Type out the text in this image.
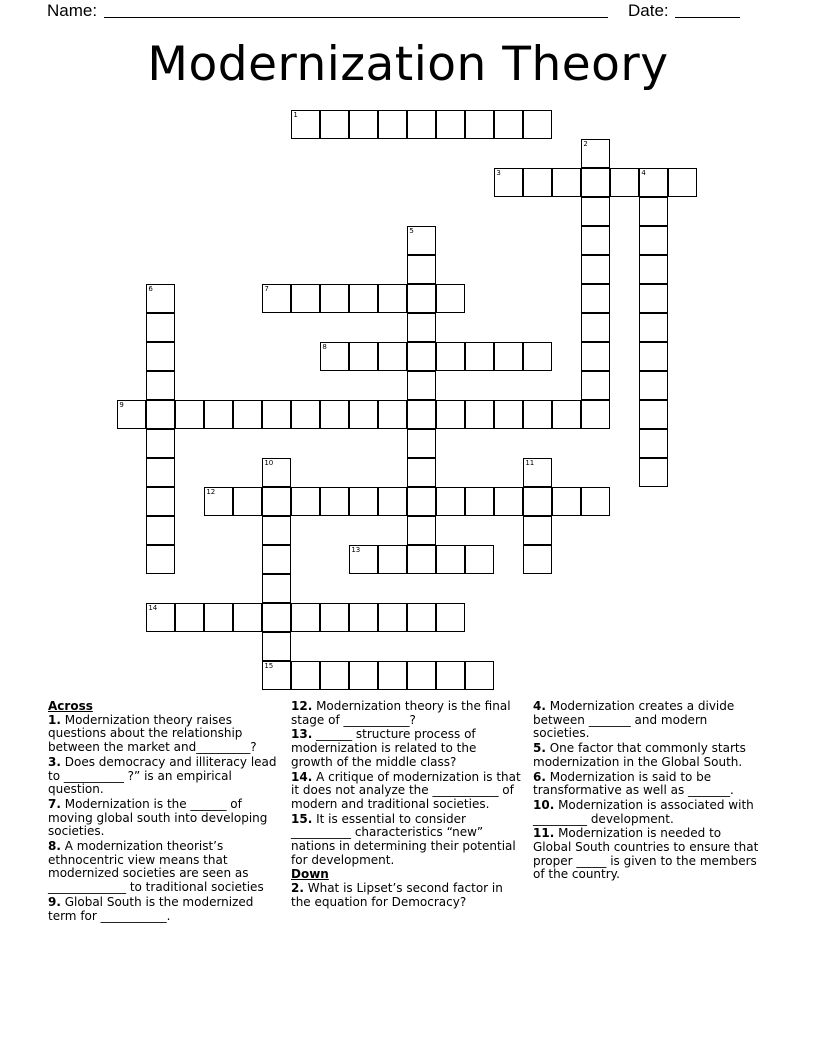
Name:	Date:
Modernization Theory
1
2
3	4
5
6	7
8
9
10
15
11
12
13
14
Across
1. Modernization theory raises questions about the relationship between the market and_________?
3. Does democracy and illiteracy lead to __________ ?” is an empirical question.
7. Modernization is the ______ of moving global south into developing societies.
8. A modernization theorist’s ethnocentric view means that modernized societies are seen as _____________ to traditional societies
9. Global South is the modernized term for ___________.
12. Modernization theory is the final stage of ___________?
13. ______ structure process of modernization is related to the growth of the middle class?
14. A critique of modernization is that it does not analyze the ___________ of modern and traditional societies.
15. It is essential to consider __________ characteristics “new” nations in determining their potential for development.
Down
2. What is Lipset’s second factor in the equation for Democracy?
4. Modernization creates a divide between _______ and modern societies.
5. One factor that commonly starts modernization in the Global South.
6. Modernization is said to be transformative as well as _______.
10. Modernization is associated with _________ development.
11. Modernization is needed to Global South countries to ensure that proper _____ is given to the members of the country.
